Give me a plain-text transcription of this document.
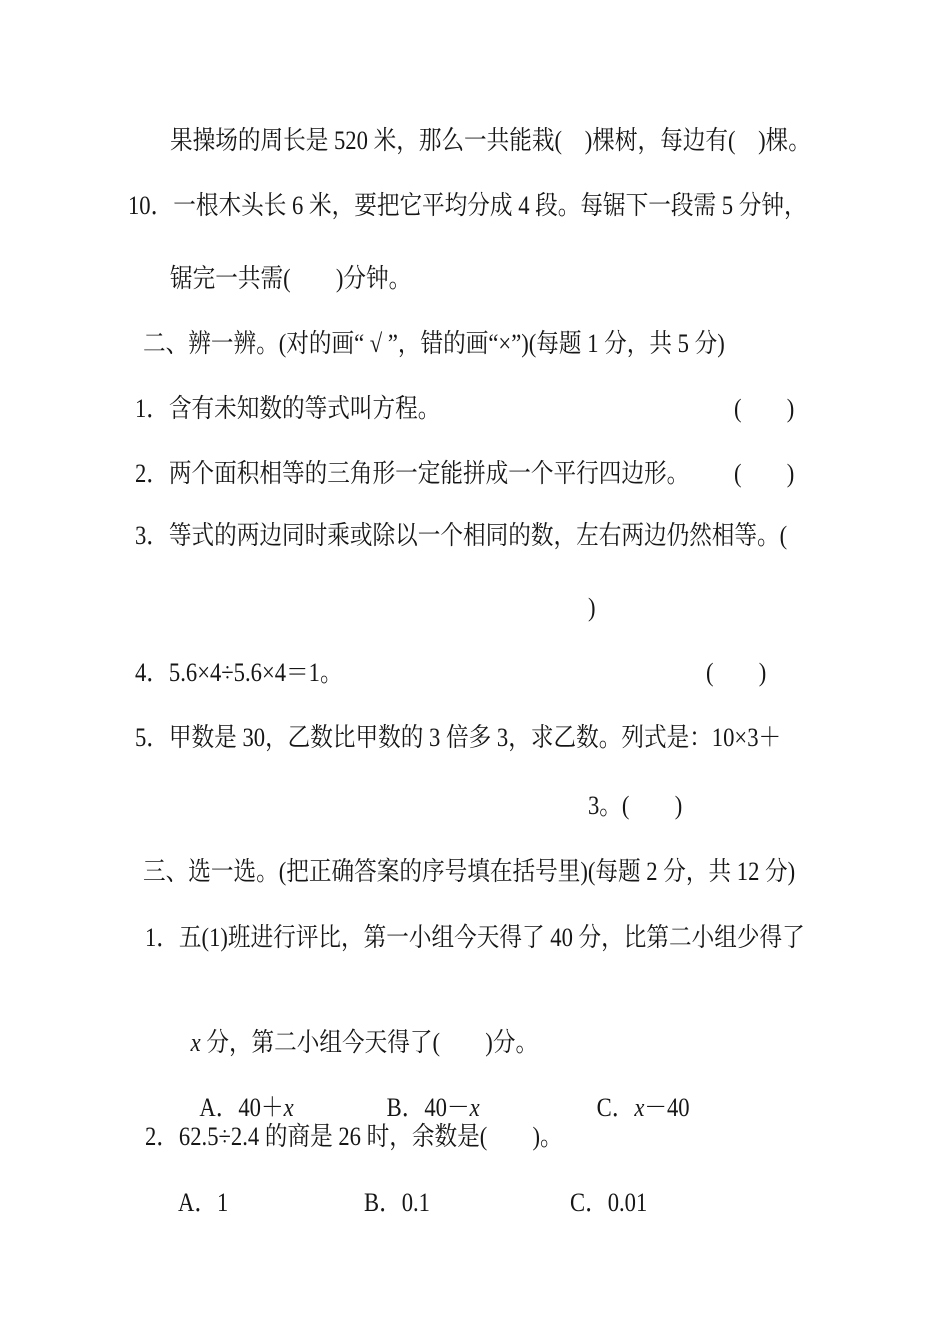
果操场的周长是 520 米，那么一共能栽(　)棵树，每边有(　)棵。
10．一根木头长 6 米，要把它平均分成 4 段。每锯下一段需 5 分钟，
锯完一共需(　　)分钟。
二、辨一辨。(对的画“ √ ”，错的画“×”)(每题 1 分，共 5 分)
1．含有未知数的等式叫方程。	(　　)
2．两个面积相等的三角形一定能拼成一个平行四边形。 (　　)
3．等式的两边同时乘或除以一个相同的数，左右两边仍然相等。(
)
4．5.6×4÷5.6×4＝1。	(　　)
5．甲数是 30，乙数比甲数的 3 倍多 3，求乙数。列式是：10×3＋
3。(　　)
三、选一选。(把正确答案的序号填在括号里)(每题 2 分，共 12 分)
1．五(1)班进行评比，第一小组今天得了 40 分，比第二小组少得了

x 分，第二小组今天得了(　　)分。

A．40＋x
	B．40－x
	C．x－40

2．62.5÷2.4 的商是 26 时，余数是(　　)。
A．1	B．0.1	C．0.01
